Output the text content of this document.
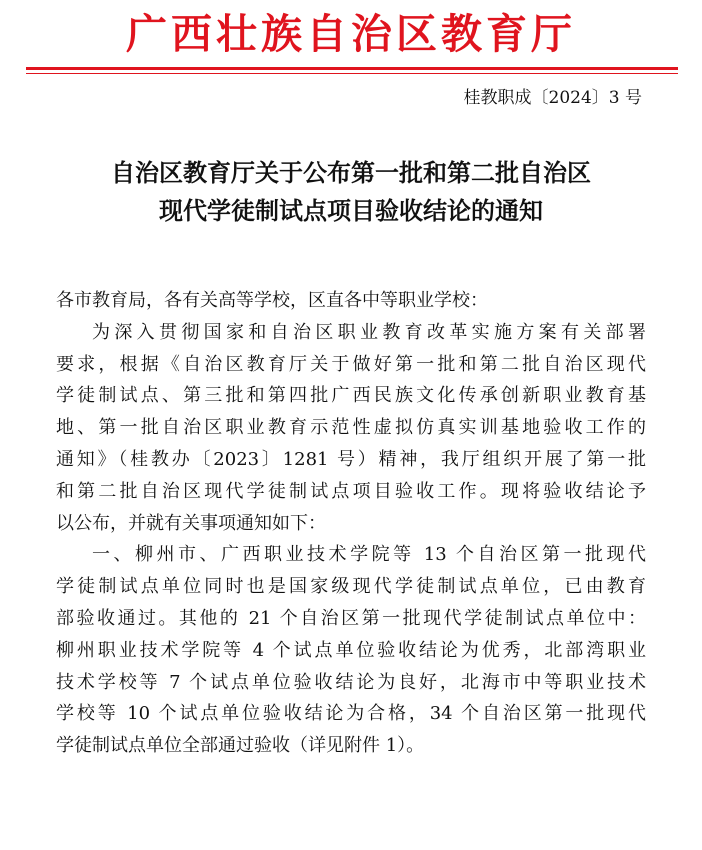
广西壮族自治区教育厅
桂教职成〔2024〕3 号
自治区教育厅关于公布第一批和第二批自治区
现代学徒制试点项目验收结论的通知
各市教育局，各有关高等学校，区直各中等职业学校：
为深入贯彻国家和自治区职业教育改革实施方案有关部署
要求，根据《自治区教育厅关于做好第一批和第二批自治区现代
学徒制试点、第三批和第四批广西民族文化传承创新职业教育基
地、第一批自治区职业教育示范性虚拟仿真实训基地验收工作的
通知》（桂教办〔2023〕1281 号）精神，我厅组织开展了第一批
和第二批自治区现代学徒制试点项目验收工作。现将验收结论予
以公布，并就有关事项通知如下：
一、柳州市、广西职业技术学院等 13 个自治区第一批现代
学徒制试点单位同时也是国家级现代学徒制试点单位，已由教育
部验收通过。其他的 21 个自治区第一批现代学徒制试点单位中：
柳州职业技术学院等 4 个试点单位验收结论为优秀，北部湾职业
技术学校等 7 个试点单位验收结论为良好，北海市中等职业技术
学校等 10 个试点单位验收结论为合格，34 个自治区第一批现代
学徒制试点单位全部通过验收（详见附件 1）。
